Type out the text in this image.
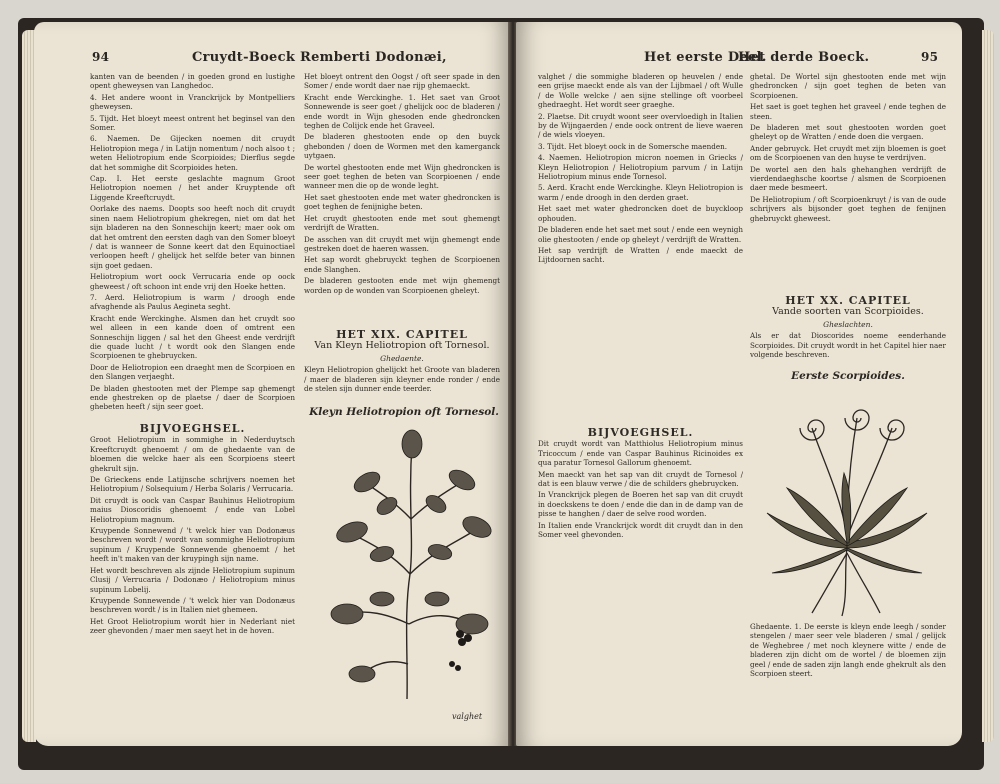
94	Cruydt-Boeck Remberti Dodonæi,

kanten van de beenden / in goeden grond en lustighe opent gheweysen van Langhedoc.

4. Het andere woont in Vranckrijck by Montpelliers gheweysen.

5. Tijdt. Het bloeyt meest ontrent het beginsel van den Somer.

6. Naemen. De Gijecken noemen dit cruydt Heliotropion mega / in Latijn nomentum / noch alsoo t ; weten Heliotropium ende Scorpioides; Dierflus segde dat het sommighe dit Scorpioides heten.

Cap. I. Het eerste geslachte magnum Groot Heliotropion noemen / het ander Kruyptende oft Liggende Kreeftcruydt.

Oorlake des naems. Doopts soo heeft noch dit cruydt sinen naem Heliotropium ghekregen, niet om dat het sijn bladeren na den Sonneschijn keert; maer ook om dat het omtrent den eersten dagh van den Somer bloeyt / dat is wanneer de Sonne keert dat den Equinoctiael verloopen heeft / ghelijck het selfde beter van binnen sijn goet gedaen.

Heliotropium wort oock Verrucaria ende op oock gheweest / oft schoon int ende vrij den Hoeke hetten.

7. Aerd. Heliotropium is warm / droogh ende afvaghende als Paulus Aegineta seght.

Kracht ende Werckinghe. Alsmen dan het cruydt soo wel alleen in een kande doen of omtrent een Sonneschijn liggen / sal het den Gheest ende verdrijft die quade lucht / t wordt ook den Slangen ende Scorpioenen te ghebruycken.

Door de Heliotropion een draeght men de Scorpioen en den Slangen verjaeght.

De bladen ghestooten met der Plempe sap ghemengt ende ghestreken op de plaetse / daer de Scorpioen ghebeten heeft / sijn seer goet.

BIJVOEGHSEL.

Groot Heliotropium in sommighe in Nederduytsch Kreeftcruydt ghenoemt / om de ghedaente van de bloemen die welcke haer als een Scorpioens steert ghekrult sijn.

De Grieckens ende Latijnsche schrijvers noemen het Heliotropium / Solsequium / Herba Solaris / Verrucaria.

Dit cruydt is oock van Caspar Bauhinus Heliotropium maius Dioscoridis ghenoemt / ende van Lobel Heliotropium magnum.

Kruypende Sonnewend / 't welck hier van Dodonæus beschreven wordt / wordt van sommighe Heliotropium supinum / Kruypende Sonnewende ghenoemt / het heeft in't maken van der kruypingh sijn name.

Het wordt beschreven als zijnde Heliotropium supinum Clusij / Verrucaria / Dodonæo / Heliotropium minus supinum Lobelij.

Kruypende Sonnewende / 't welck hier van Dodonæus beschreven wordt / is in Italien niet ghemeen.

Het Groot Heliotropium wordt hier in Nederlant niet zeer ghevonden / maer men saeyt het in de hoven.

Het bloeyt ontrent den Oogst / oft seer spade in den Somer / ende wordt daer nae rijp ghemaeckt.

Kracht ende Werckinghe. 1. Het saet van Groot Sonnewende is seer goet / ghelijck ooc de bladeren / ende wordt in Wijn ghesoden ende ghedroncken teghen de Colijck ende het Graveel.

De bladeren ghestooten ende op den buyck ghebonden / doen de Wormen met den kamerganck uytgaen.

De wortel ghestooten ende met Wijn ghedroncken is seer goet teghen de beten van Scorpioenen / ende wanneer men die op de wonde leght.

Het saet ghestooten ende met water ghedroncken is goet teghen de fenijnighe beten.

Het cruydt ghestooten ende met sout ghemengt verdrijft de Wratten.

De asschen van dit cruydt met wijn ghemengt ende gestreken doet de haeren wassen.

Het sap wordt ghebruyckt teghen de Scorpioenen ende Slanghen.

De bladeren gestooten ende met wijn ghemengt worden op de wonden van Scorpioenen gheleyt.

HET XIX. CAPITEL
Van Kleyn Heliotropion oft Tornesol.
Ghedaente.

Kleyn Heliotropion ghelijckt het Groote van bladeren / maer de bladeren sijn kleyner ende ronder / ende de stelen sijn dunner ende teerder.

Kleyn Heliotropion oft Tornesol.
valghet
Het eerste Deel.
Het derde Boeck.	95

valghet / die sommighe bladeren op heuvelen / ende een grijse maeckt ende als van der Lijbmael / oft Wulle / de Wolle welcke / aen sijne stellinge oft voorbeel ghedraeght. Het wordt seer graeghe.

2. Plaetse. Dit cruydt woont seer overvloedigh in Italien by de Wijngaerden / ende oock ontrent de lieve waeren / de wiels vloeyen.

3. Tijdt. Het bloeyt oock in de Somersche maenden.

4. Naemen. Heliotropion micron noemen in Griecks / Kleyn Heliotropion / Heliotropium parvum / in Latijn Heliotropium minus ende Tornesol.

5. Aerd. Kracht ende Werckinghe. Kleyn Heliotropion is warm / ende droogh in den derden graet.

Het saet met water ghedroncken doet de buyckloop ophouden.

De bladeren ende het saet met sout / ende een weynigh olie ghestooten / ende op gheleyt / verdrijft de Wratten.

Het sap verdrijft de Wratten / ende maeckt de Lijtdoornen sacht.

BIJVOEGHSEL.

Dit cruydt wordt van Matthiolus Heliotropium minus Tricoccum / ende van Caspar Bauhinus Ricinoides ex qua paratur Tornesol Gallorum ghenoemt.

Men maeckt van het sap van dit cruydt de Tornesol / dat is een blauw verwe / die de schilders ghebruycken.

In Vranckrijck plegen de Boeren het sap van dit cruydt in doeckskens te doen / ende die dan in de damp van de pisse te hanghen / daer de selve rood worden.

In Italien ende Vranckrijck wordt dit cruydt dan in den Somer veel ghevonden.

ghetal. De Wortel sijn ghestooten ende met wijn ghedroncken / sijn goet teghen de beten van Scorpioenen.

Het saet is goet teghen het graveel / ende teghen de steen.

De bladeren met sout ghestooten worden goet gheleyt op de Wratten / ende doen die vergaen.

Ander gebruyck. Het cruydt met zijn bloemen is goet om de Scorpioenen van den huyse te verdrijven.

De wortel aen den hals ghehanghen verdrijft de vierdendaeghsche koortse / alsmen de Scorpioenen daer mede besmeert.

De Heliotropium / oft Scorpioenkruyt / is van de oude schrijvers als bijsonder goet teghen de fenijnen ghebruyckt gheweest.

HET XX. CAPITEL
Vande soorten van Scorpioides.
Gheslachten.

Als er dat Dioscorides noeme eenderhande Scorpioides. Dit cruydt wordt in het Capitel hier naer volgende beschreven.

Eerste Scorpioides.

Ghedaente. 1. De eerste is kleyn ende leegh / sonder stengelen / maer seer vele bladeren / smal / gelijck de Weghebree / met noch kleynere witte / ende de bladeren zijn dicht om de wortel / de bloemen zijn geel / ende de saden zijn langh ende ghekrult als den Scorpioen steert.
